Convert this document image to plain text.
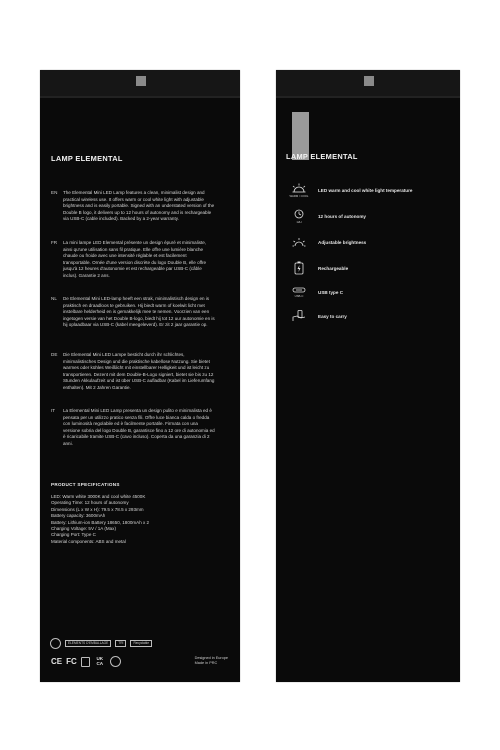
LAMP ELEMENTAL
EN	The Elemental Mini LED Lamp features a clean, minimalist design and practical wireless use. It offers warm or cool white light with adjustable brightness and is easily portable. Signed with an understated version of the Double B logo, it delivers up to 12 hours of autonomy and is rechargeable via USB-C (cable included). Backed by a 2-year warranty.
FR	La mini lampe LED Elemental présente un design épuré et minimaliste, ainsi qu'une utilisation sans fil pratique. Elle offre une lumière blanche chaude ou froide avec une intensité réglable et est facilement transportable. Ornée d'une version discrète du logo Double B, elle offre jusqu'à 12 heures d'autonomie et est rechargeable par USB-C (câble inclus). Garantie 2 ans.
NL	De Elemental Mini LED-lamp heeft een strak, minimalistisch design en is praktisch en draadloos te gebruiken. Hij biedt warm of koelwit licht met instelbare helderheid en is gemakkelijk mee te nemen. Voorzien van een ingetogen versie van het Double B-logo, biedt hij tot 12 uur autonomie en is hij oplaadbaar via USB-C (kabel meegeleverd). Er zit 2 jaar garantie op.
DE	Die Elemental Mini LED Lampe besticht durch ihr schlichtes, minimalistisches Design und die praktische kabellose Nutzung. Sie bietet warmes oder kühles Weißlicht mit einstellbarer Helligkeit und ist leicht zu transportieren. Dezent mit dem Double-B-Logo signiert, bietet sie bis zu 12 Stunden Akkulaufzeit und ist über USB-C aufladbar (Kabel im Lieferumfang enthalten). Mit 2 Jahren Garantie.
IT	La Elemental Mini LED Lamp presenta un design pulito e minimalista ed è pensata per un utilizzo pratico senza fili. Offre luce bianca calda o fredda con luminosità regolabile ed è facilmente portatile. Firmata con una versione sobria del logo Double B, garantisce fino a 12 ore di autonomia ed è ricaricabile tramite USB-C (cavo incluso). Coperta da una garanzia di 2 anni.
PRODUCT SPECIFICATIONS
LED: Warm white 3000K and cool white 4500K
Operating Time: 12 hours of autonomy
Dimensions (L x W x H): 79.5 x 78.5 x 293mm
Battery capacity: 3600mAh
Battery: Lithium-ion Battery 18650, 1800mAh x 2
Charging Voltage: 5V / 1A (Max)
Charging Port: Type C
Material components: ABS and metal
ÉLÉMENTS D'EMBALLAGE	TRI	Recyclable
CE FC	UK CA
Designed in Europe
Made in PRC
LAMP ELEMENTAL
WARM / COOL
LED warm and cool white light temperature
12H
12 hours of autonomy
Adjustable brightness
Rechargeable
USB-C
USB type C
Easy to carry
